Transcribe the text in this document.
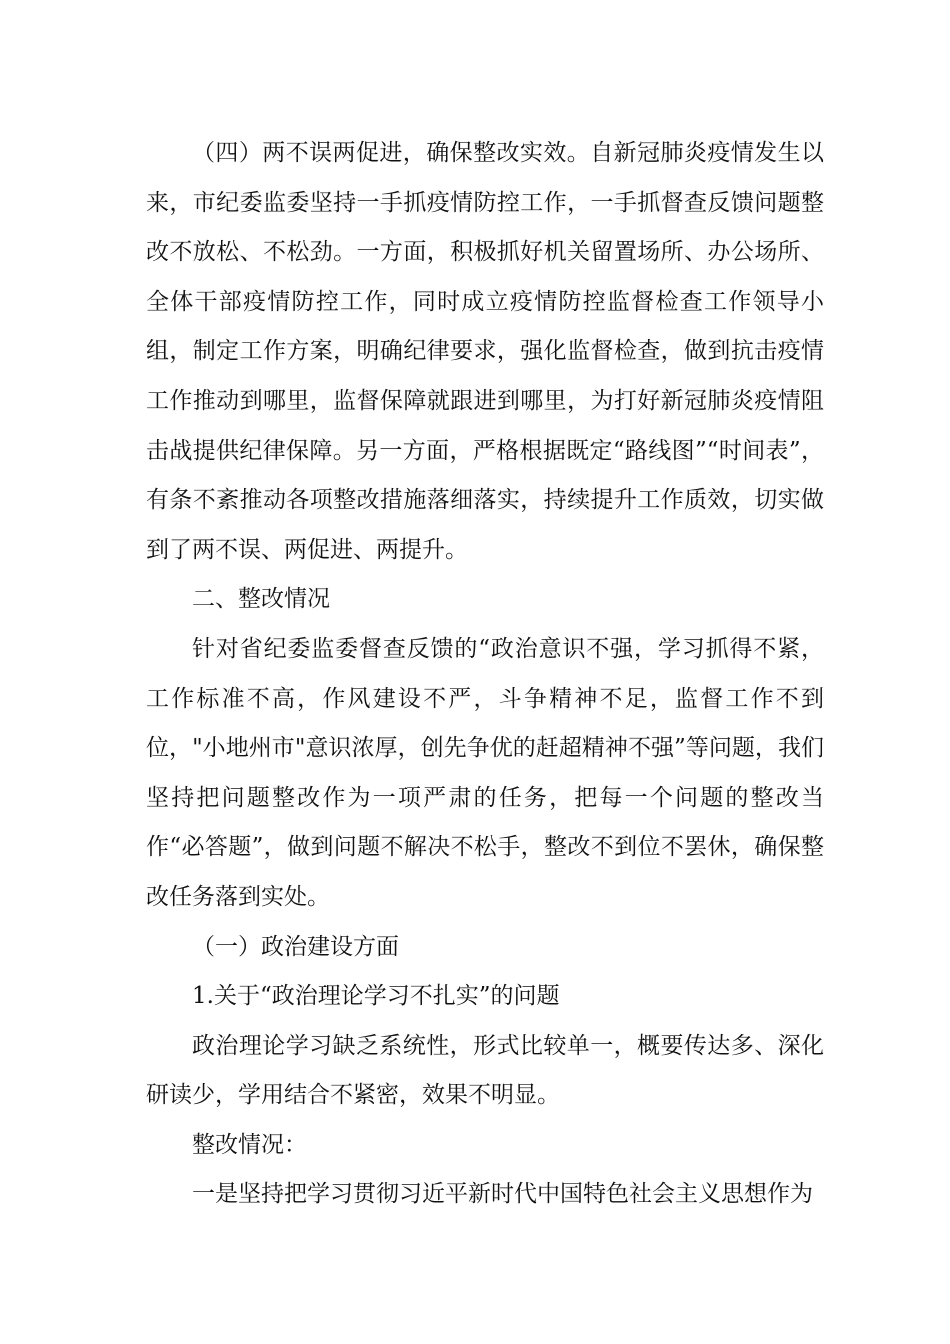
（四）两不误两促进，确保整改实效。自新冠肺炎疫情发生以来，市纪委监委坚持一手抓疫情防控工作，一手抓督查反馈问题整改不放松、不松劲。一方面，积极抓好机关留置场所、办公场所、全体干部疫情防控工作，同时成立疫情防控监督检查工作领导小组，制定工作方案，明确纪律要求，强化监督检查，做到抗击疫情工作推动到哪里，监督保障就跟进到哪里，为打好新冠肺炎疫情阻击战提供纪律保障。另一方面，严格根据既定“路线图”“时间表”，有条不紊推动各项整改措施落细落实，持续提升工作质效，切实做到了两不误、两促进、两提升。

二、整改情况

针对省纪委监委督查反馈的“政治意识不强，学习抓得不紧，工作标准不高，作风建设不严，斗争精神不足，监督工作不到位，"小地州市"意识浓厚，创先争优的赶超精神不强”等问题，我们坚持把问题整改作为一项严肃的任务，把每一个问题的整改当作“必答题”，做到问题不解决不松手，整改不到位不罢休，确保整改任务落到实处。

（一）政治建设方面

1.关于“政治理论学习不扎实”的问题

政治理论学习缺乏系统性，形式比较单一，概要传达多、深化研读少，学用结合不紧密，效果不明显。

整改情况：

一是坚持把学习贯彻习近平新时代中国特色社会主义思想作为
